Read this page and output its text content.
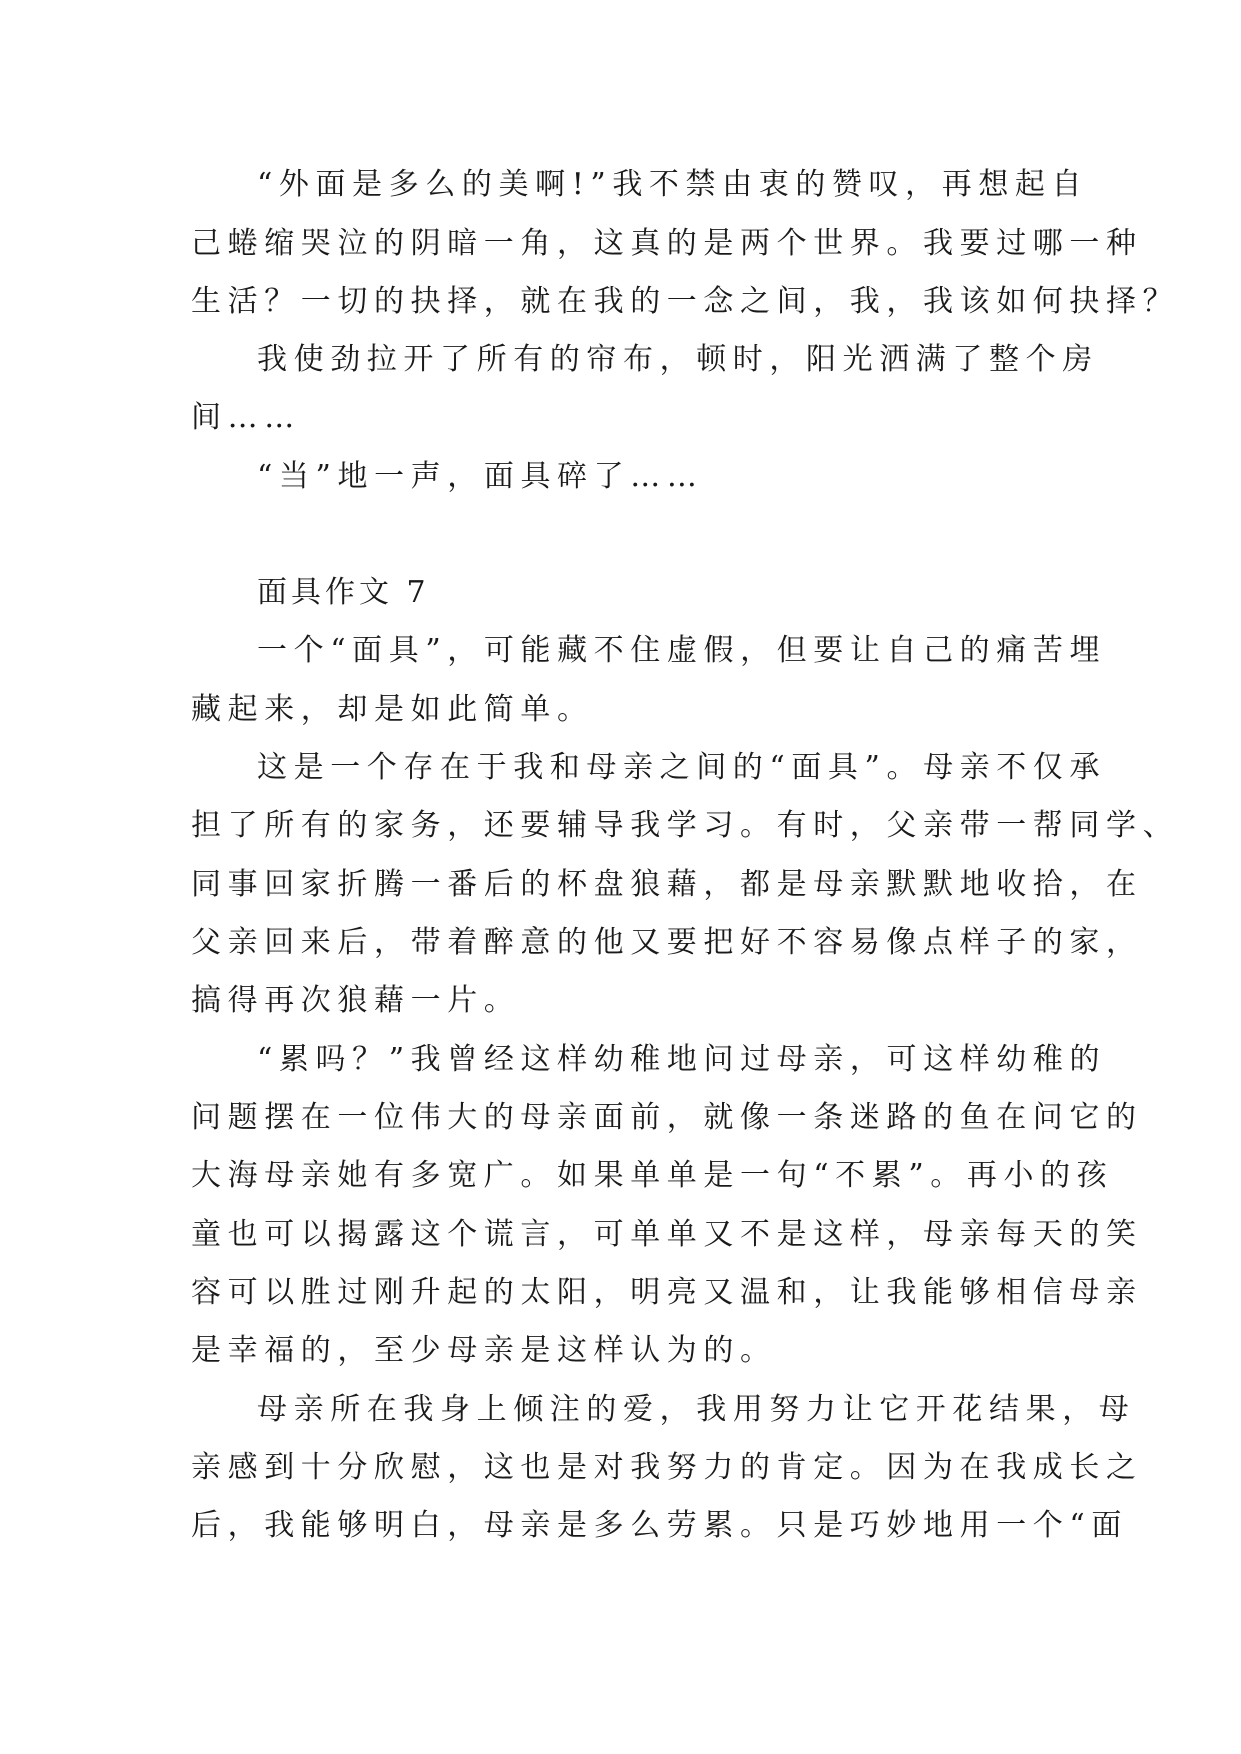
“外面是多么的美啊!”我不禁由衷的赞叹，再想起自
己蜷缩哭泣的阴暗一角，这真的是两个世界。我要过哪一种
生活？一切的抉择，就在我的一念之间，我，我该如何抉择？
我使劲拉开了所有的帘布，顿时，阳光洒满了整个房
间……
“当”地一声，面具碎了……
面具作文 7
一个“面具”，可能藏不住虚假，但要让自己的痛苦埋
藏起来，却是如此简单。
这是一个存在于我和母亲之间的“面具”。母亲不仅承
担了所有的家务，还要辅导我学习。有时，父亲带一帮同学、
同事回家折腾一番后的杯盘狼藉，都是母亲默默地收拾，在
父亲回来后，带着醉意的他又要把好不容易像点样子的家，
搞得再次狼藉一片。
“累吗？”我曾经这样幼稚地问过母亲，可这样幼稚的
问题摆在一位伟大的母亲面前，就像一条迷路的鱼在问它的
大海母亲她有多宽广。如果单单是一句“不累”。再小的孩
童也可以揭露这个谎言，可单单又不是这样，母亲每天的笑
容可以胜过刚升起的太阳，明亮又温和，让我能够相信母亲
是幸福的，至少母亲是这样认为的。
母亲所在我身上倾注的爱，我用努力让它开花结果，母
亲感到十分欣慰，这也是对我努力的肯定。因为在我成长之
后，我能够明白，母亲是多么劳累。只是巧妙地用一个“面
